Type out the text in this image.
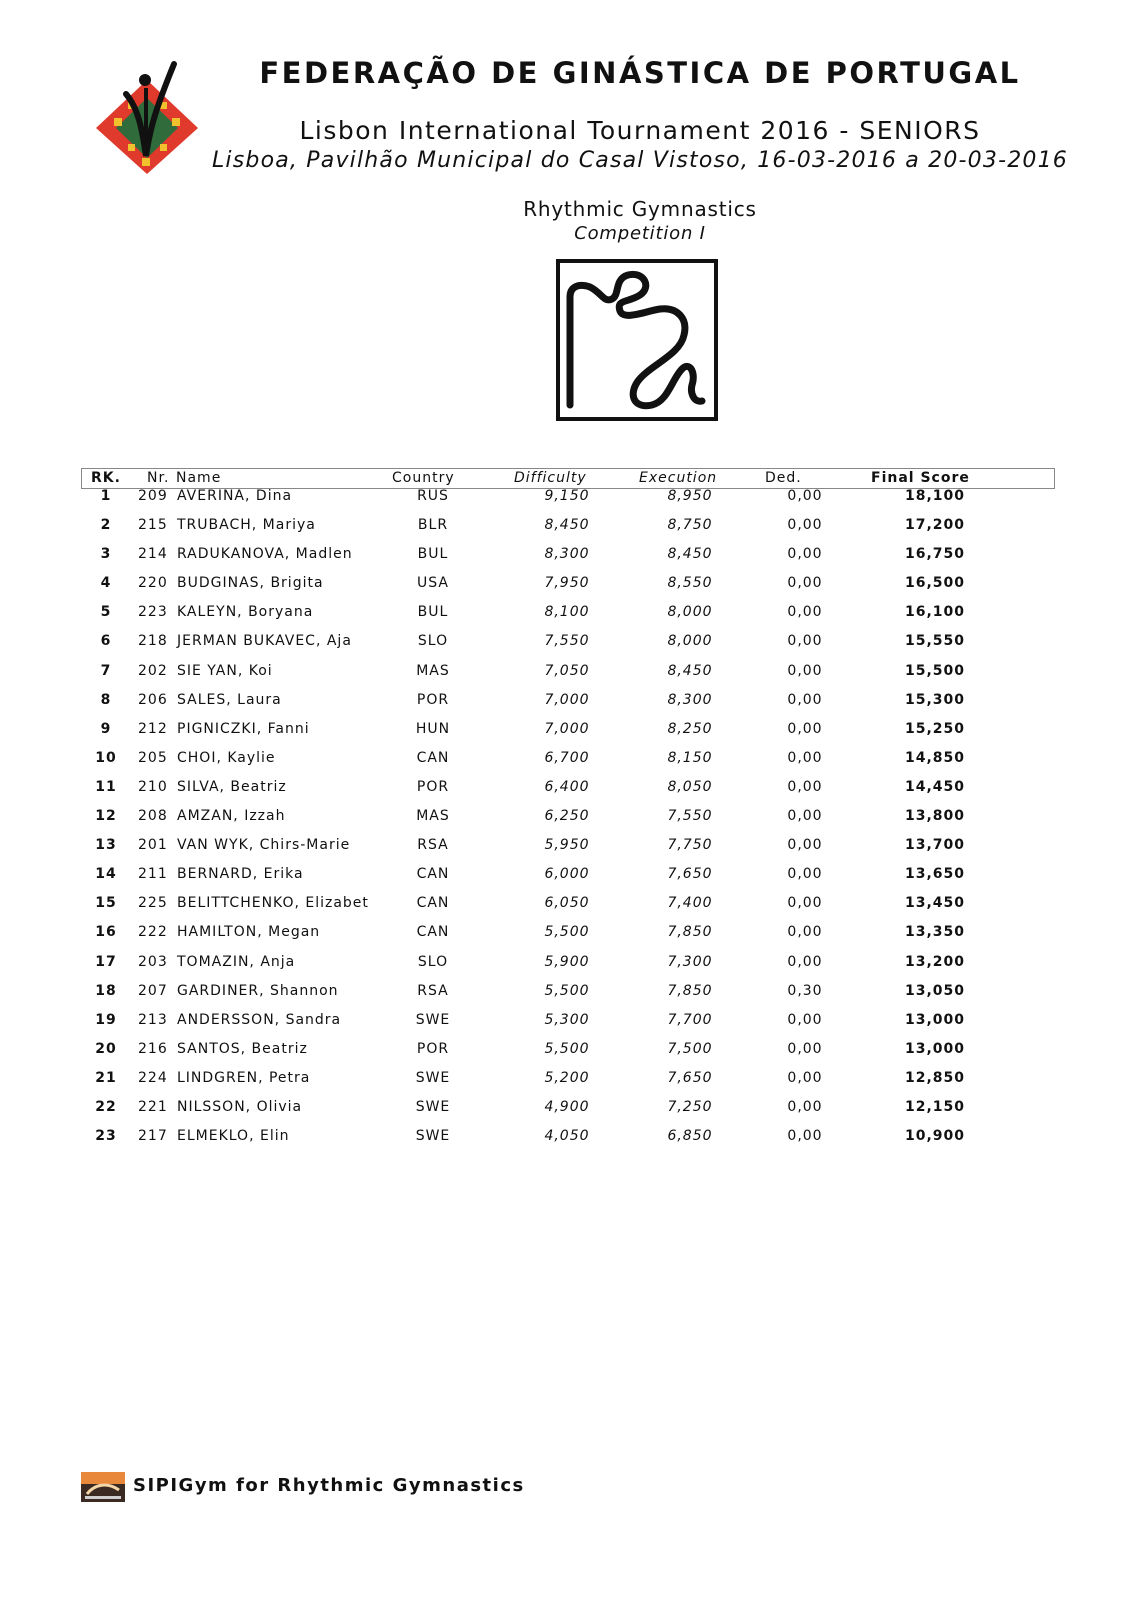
FEDERAÇÃO DE GINÁSTICA DE PORTUGAL
Lisbon International Tournament 2016 - SENIORS
Lisboa, Pavilhão Municipal do Casal Vistoso, 16-03-2016 a 20-03-2016
Rhythmic Gymnastics
Competition I
RK. Nr. Name	Country	Difficulty	Execution	Ded.	Final Score
1	209 AVERINA, Dina	RUS	9,150	8,950	0,00	18,100
2	215 TRUBACH, Mariya	BLR	8,450	8,750	0,00	17,200
3	214 RADUKANOVA, Madlen	BUL	8,300	8,450	0,00	16,750
4	220 BUDGINAS, Brigita	USA	7,950	8,550	0,00	16,500
5	223 KALEYN, Boryana	BUL	8,100	8,000	0,00	16,100
6	218 JERMAN BUKAVEC, Aja	SLO	7,550	8,000	0,00	15,550
7	202 SIE YAN, Koi	MAS	7,050	8,450	0,00	15,500
8	206 SALES, Laura	POR	7,000	8,300	0,00	15,300
9	212 PIGNICZKI, Fanni	HUN	7,000	8,250	0,00	15,250
10	205 CHOI, Kaylie	CAN	6,700	8,150	0,00	14,850
11	210 SILVA, Beatriz	POR	6,400	8,050	0,00	14,450
12	208 AMZAN, Izzah	MAS	6,250	7,550	0,00	13,800
13	201 VAN WYK, Chirs-Marie	RSA	5,950	7,750	0,00	13,700
14	211 BERNARD, Erika	CAN	6,000	7,650	0,00	13,650
15	225 BELITTCHENKO, Elizabet	CAN	6,050	7,400	0,00	13,450
16	222 HAMILTON, Megan	CAN	5,500	7,850	0,00	13,350
17	203 TOMAZIN, Anja	SLO	5,900	7,300	0,00	13,200
18	207 GARDINER, Shannon	RSA	5,500	7,850	0,30	13,050
19	213 ANDERSSON, Sandra	SWE	5,300	7,700	0,00	13,000
20	216 SANTOS, Beatriz	POR	5,500	7,500	0,00	13,000
21	224 LINDGREN, Petra	SWE	5,200	7,650	0,00	12,850
22	221 NILSSON, Olivia	SWE	4,900	7,250	0,00	12,150
23	217 ELMEKLO, Elin	SWE	4,050	6,850	0,00	10,900
SIPIGym for Rhythmic Gymnastics
